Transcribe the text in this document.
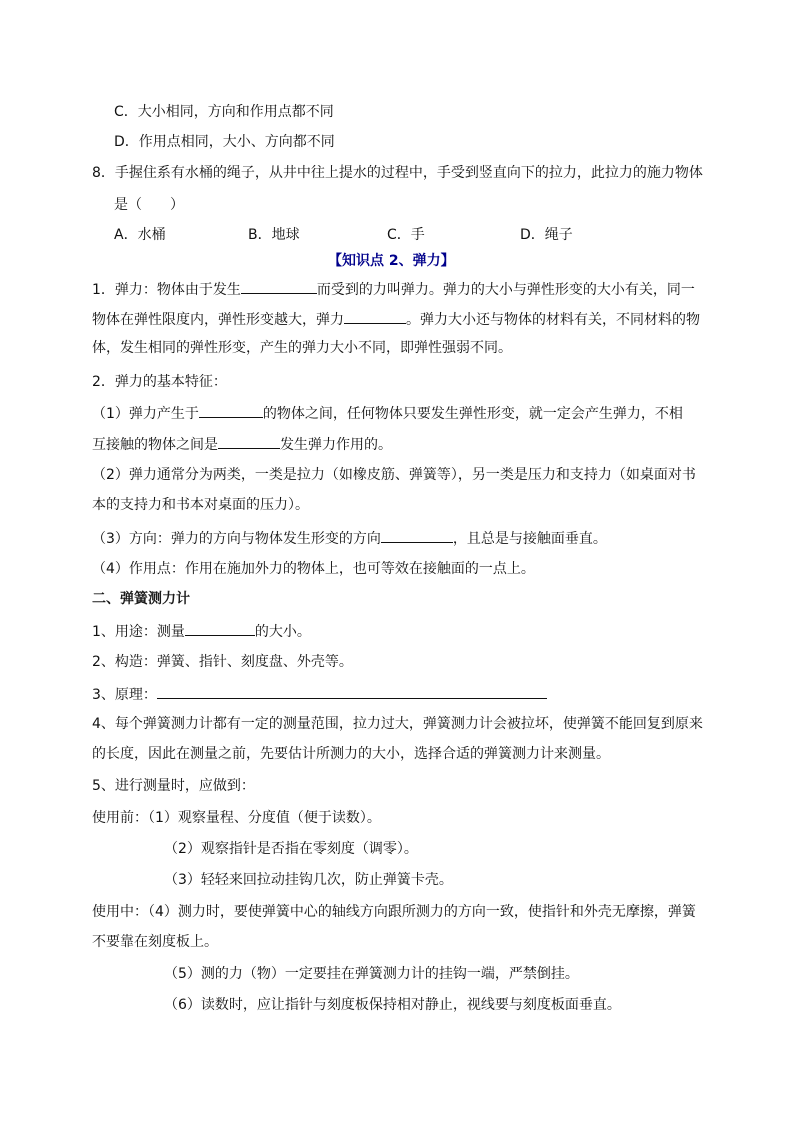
C．大小相同，方向和作用点都不同
D．作用点相同，大小、方向都不同
8．手握住系有水桶的绳子，从井中往上提水的过程中，手受到竖直向下的拉力，此拉力的施力物体
是（　　）
A．水桶	B．地球	C．手	D．绳子
【知识点 2、弹力】
1．弹力：物体由于发生	而受到的力叫弹力。弹力的大小与弹性形变的大小有关，同一
物体在弹性限度内，弹性形变越大，弹力	。弹力大小还与物体的材料有关，不同材料的物
体，发生相同的弹性形变，产生的弹力大小不同，即弹性强弱不同。
2．弹力的基本特征：
（1）弹力产生于	的物体之间，任何物体只要发生弹性形变，就一定会产生弹力，不相
互接触的物体之间是	发生弹力作用的。
（2）弹力通常分为两类，一类是拉力（如橡皮筋、弹簧等），另一类是压力和支持力（如桌面对书
本的支持力和书本对桌面的压力）。
（3）方向：弹力的方向与物体发生形变的方向	，且总是与接触面垂直。
（4）作用点：作用在施加外力的物体上，也可等效在接触面的一点上。
二、弹簧测力计
1、用途：测量	的大小。
2、构造：弹簧、指针、刻度盘、外壳等。
3、原理：
4、每个弹簧测力计都有一定的测量范围，拉力过大，弹簧测力计会被拉坏，使弹簧不能回复到原来
的长度，因此在测量之前，先要估计所测力的大小，选择合适的弹簧测力计来测量。
5、进行测量时，应做到：
使用前：（1）观察量程、分度值（便于读数）。
（2）观察指针是否指在零刻度（调零）。
（3）轻轻来回拉动挂钩几次，防止弹簧卡壳。
使用中：（4）测力时，要使弹簧中心的轴线方向跟所测力的方向一致，使指针和外壳无摩擦，弹簧
不要靠在刻度板上。
（5）测的力（物）一定要挂在弹簧测力计的挂钩一端，严禁倒挂。
（6）读数时，应让指针与刻度板保持相对静止，视线要与刻度板面垂直。
